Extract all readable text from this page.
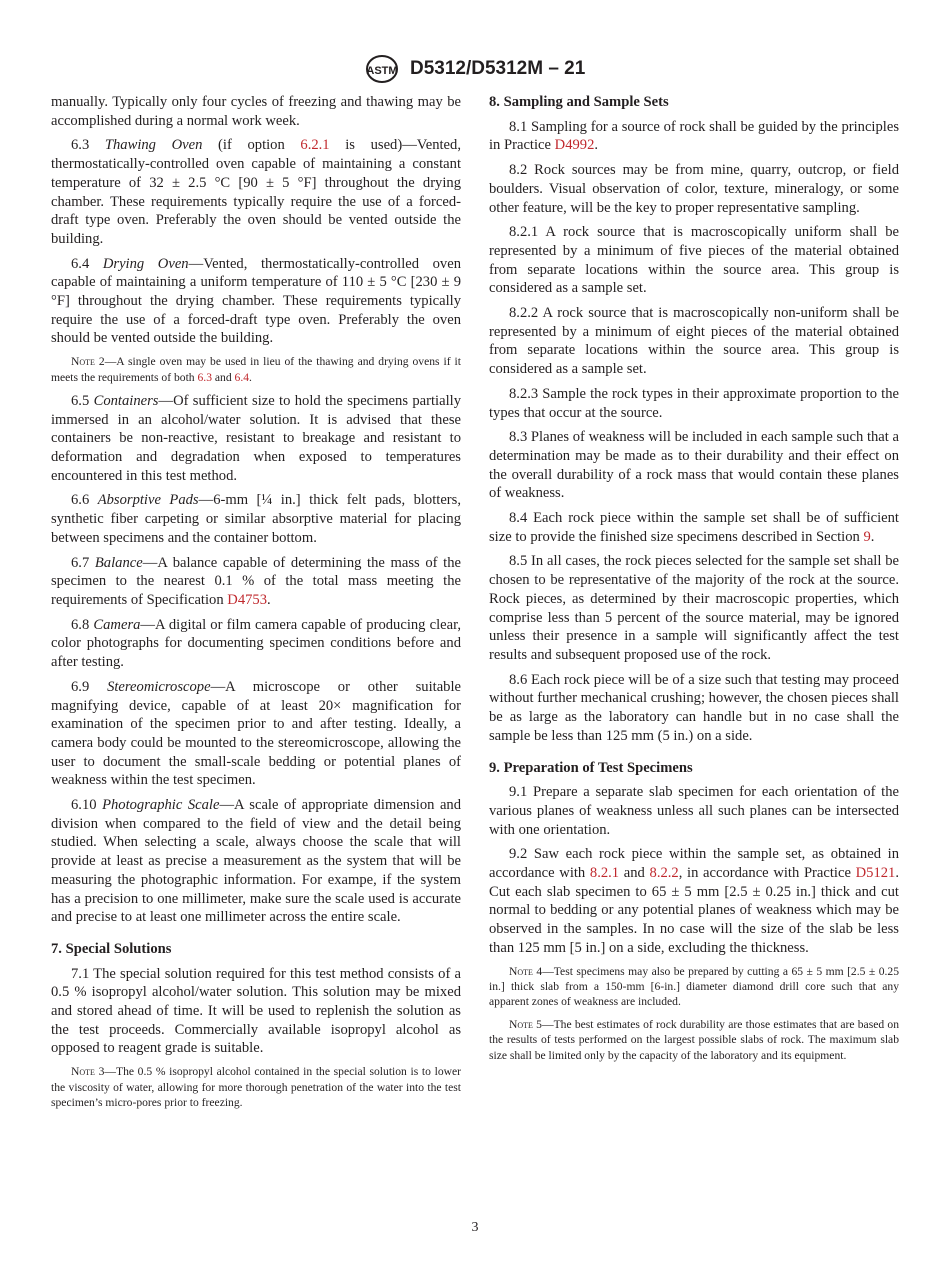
ASTM D5312/D5312M – 21

manually. Typically only four cycles of freezing and thawing may be accomplished during a normal work week.

6.3 Thawing Oven (if option 6.2.1 is used)—Vented, thermostatically-controlled oven capable of maintaining a constant temperature of 32 ± 2.5 °C [90 ± 5 °F] throughout the drying chamber. These requirements typically require the use of a forced-draft type oven. Preferably the oven should be vented outside the building.

6.4 Drying Oven—Vented, thermostatically-controlled oven capable of maintaining a uniform temperature of 110 ± 5 °C [230 ± 9 °F] throughout the drying chamber. These requirements typically require the use of a forced-draft type oven. Preferably the oven should be vented outside the building.

Note 2—A single oven may be used in lieu of the thawing and drying ovens if it meets the requirements of both 6.3 and 6.4.

6.5 Containers—Of sufficient size to hold the specimens partially immersed in an alcohol/water solution. It is advised that these containers be non-reactive, resistant to breakage and resistant to deformation and degradation when exposed to temperatures encountered in this test method.

6.6 Absorptive Pads—6-mm [¼ in.] thick felt pads, blotters, synthetic fiber carpeting or similar absorptive material for placing between specimens and the container bottom.

6.7 Balance—A balance capable of determining the mass of the specimen to the nearest 0.1 % of the total mass meeting the requirements of Specification D4753.

6.8 Camera—A digital or film camera capable of producing clear, color photographs for documenting specimen conditions before and after testing.

6.9 Stereomicroscope—A microscope or other suitable magnifying device, capable of at least 20× magnification for examination of the specimen prior to and after testing. Ideally, a camera body could be mounted to the stereomicroscope, allowing the user to document the small-scale bedding or potential planes of weakness within the test specimen.

6.10 Photographic Scale—A scale of appropriate dimension and division when compared to the field of view and the detail being studied. When selecting a scale, always choose the scale that will provide at least as precise a measurement as the system that will be measuring the photographic information. For exampe, if the system has a precision to one millimeter, make sure the scale used is accurate and precise to at least one millimeter across the entire scale.

7. Special Solutions

7.1 The special solution required for this test method consists of a 0.5 % isopropyl alcohol/water solution. This solution may be mixed and stored ahead of time. It will be used to replenish the solution as the test proceeds. Commercially available isopropyl alcohol as opposed to reagent grade is suitable.

Note 3—The 0.5 % isopropyl alcohol contained in the special solution is to lower the viscosity of water, allowing for more thorough penetration of the water into the test specimen’s micro-pores prior to freezing.

8. Sampling and Sample Sets

8.1 Sampling for a source of rock shall be guided by the principles in Practice D4992.

8.2 Rock sources may be from mine, quarry, outcrop, or field boulders. Visual observation of color, texture, mineralogy, or some other feature, will be the key to proper representative sampling.

8.2.1 A rock source that is macroscopically uniform shall be represented by a minimum of five pieces of the material obtained from separate locations within the source area. This group is considered as a sample set.

8.2.2 A rock source that is macroscopically non-uniform shall be represented by a minimum of eight pieces of the material obtained from separate locations within the source area. This group is considered as a sample set.

8.2.3 Sample the rock types in their approximate proportion to the types that occur at the source.

8.3 Planes of weakness will be included in each sample such that a determination may be made as to their durability and their effect on the overall durability of a rock mass that would contain these planes of weakness.

8.4 Each rock piece within the sample set shall be of sufficient size to provide the finished size specimens described in Section 9.

8.5 In all cases, the rock pieces selected for the sample set shall be chosen to be representative of the majority of the rock at the source. Rock pieces, as determined by their macroscopic properties, which comprise less than 5 percent of the source material, may be ignored unless their presence in a sample will significantly affect the test results and subsequent proposed use of the rock.

8.6 Each rock piece will be of a size such that testing may proceed without further mechanical crushing; however, the chosen pieces shall be as large as the laboratory can handle but in no case shall the sample be less than 125 mm (5 in.) on a side.

9. Preparation of Test Specimens

9.1 Prepare a separate slab specimen for each orientation of the various planes of weakness unless all such planes can be intersected with one orientation.

9.2 Saw each rock piece within the sample set, as obtained in accordance with 8.2.1 and 8.2.2, in accordance with Practice D5121. Cut each slab specimen to 65 ± 5 mm [2.5 ± 0.25 in.] thick and cut normal to bedding or any potential planes of weakness which may be observed in the samples. In no case will the size of the slab be less than 125 mm [5 in.] on a side, excluding the thickness.

Note 4—Test specimens may also be prepared by cutting a 65 ± 5 mm [2.5 ± 0.25 in.] thick slab from a 150-mm [6-in.] diameter diamond drill core such that any apparent zones of weakness are included.

Note 5—The best estimates of rock durability are those estimates that are based on the results of tests performed on the largest possible slabs of rock. The maximum slab size shall be limited only by the capacity of the laboratory and its equipment.

3
